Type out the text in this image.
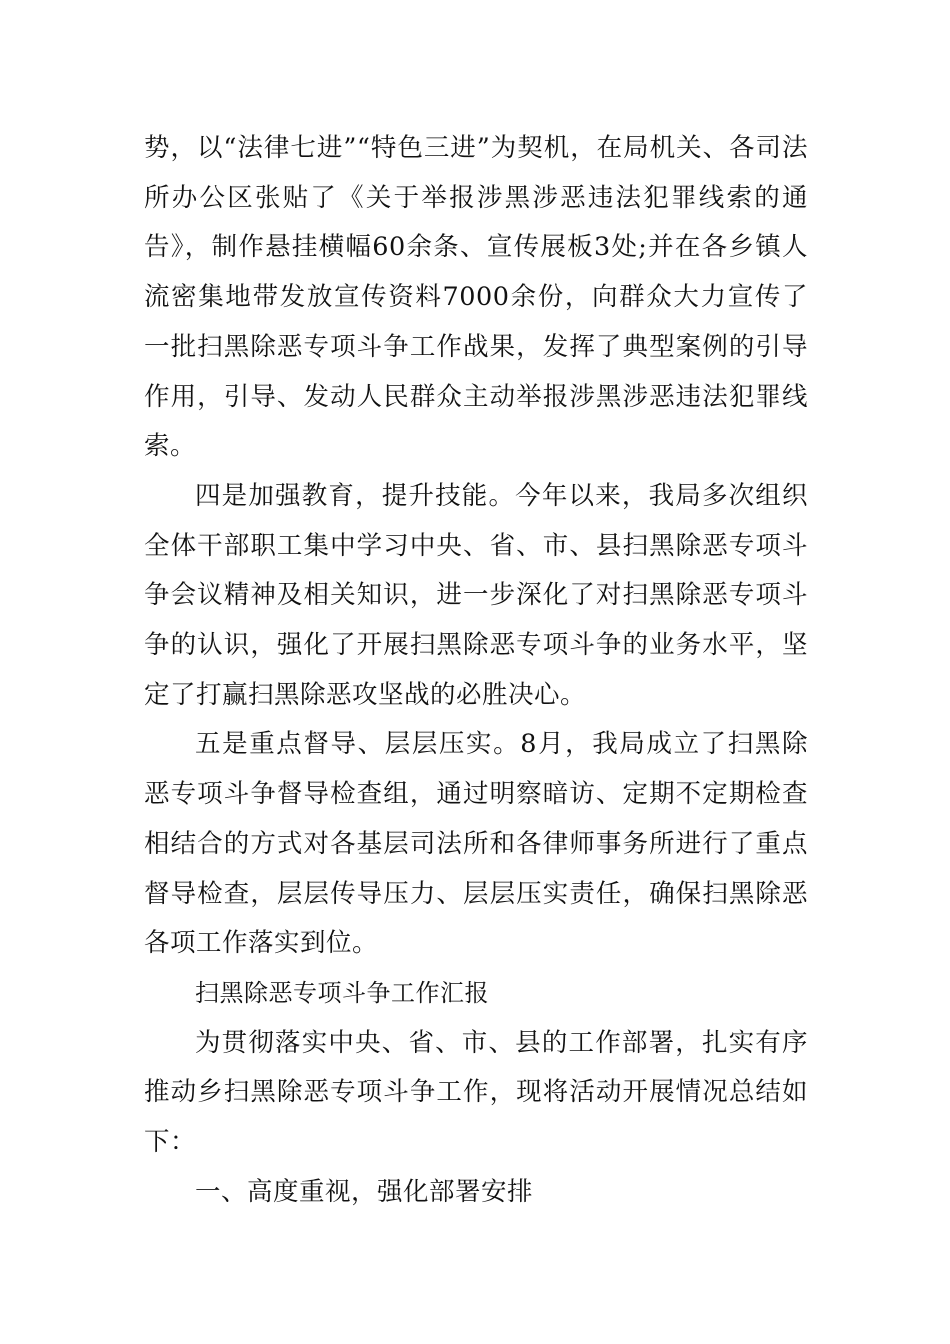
势，以“法律七进”“特色三进”为契机，在局机关、各司法所办公区张贴了《关于举报涉黑涉恶违法犯罪线索的通告》，制作悬挂横幅60余条、宣传展板3处;并在各乡镇人流密集地带发放宣传资料7000余份，向群众大力宣传了一批扫黑除恶专项斗争工作战果，发挥了典型案例的引导作用，引导、发动人民群众主动举报涉黑涉恶违法犯罪线索。

四是加强教育，提升技能。今年以来，我局多次组织全体干部职工集中学习中央、省、市、县扫黑除恶专项斗争会议精神及相关知识，进一步深化了对扫黑除恶专项斗争的认识，强化了开展扫黑除恶专项斗争的业务水平，坚定了打赢扫黑除恶攻坚战的必胜决心。

五是重点督导、层层压实。8月，我局成立了扫黑除恶专项斗争督导检查组，通过明察暗访、定期不定期检查相结合的方式对各基层司法所和各律师事务所进行了重点督导检查，层层传导压力、层层压实责任，确保扫黑除恶各项工作落实到位。

扫黑除恶专项斗争工作汇报

为贯彻落实中央、省、市、县的工作部署，扎实有序推动乡扫黑除恶专项斗争工作，现将活动开展情况总结如下：

一、高度重视，强化部署安排
